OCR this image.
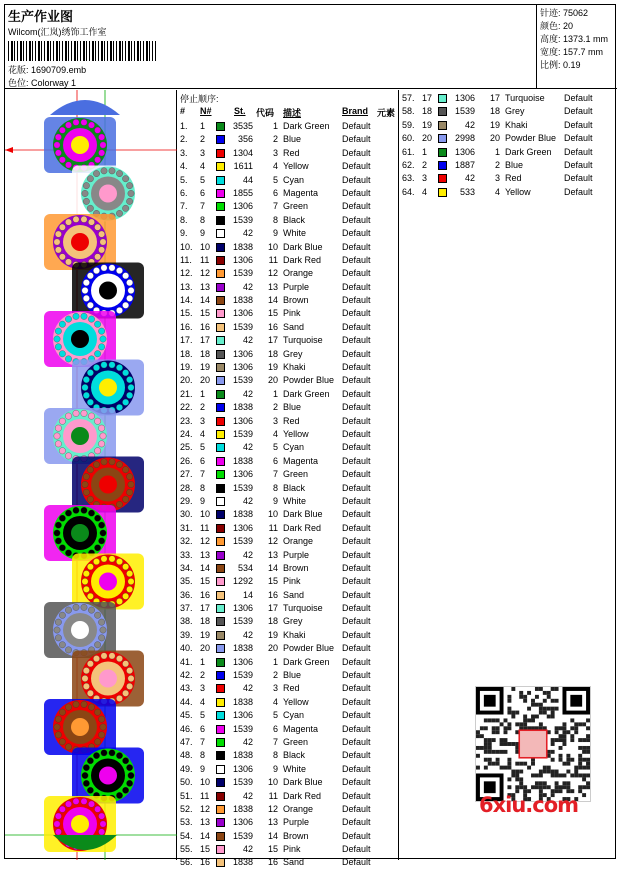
生产作业图
Wilcom(汇岚)绣饰工作室
花版: 1690709.emb
色位: Colorway 1
针迹: 75062
颜色: 20
高度: 1373.1 mm
宽度: 157.7 mm
比例: 0.19
停止顺序:
# N# St. 代码 描述	Brand 元素
1. 1	3535	1 Dark Green Default
2. 2	356	2 Blue	Default
3. 3	1304	3 Red	Default
4. 4	1611	4 Yellow	Default
5. 5	44	5 Cyan	Default
6. 6	1855	6 Magenta	Default
7. 7	1306	7 Green	Default
8. 8	1539	8 Black	Default
9. 9	42	9 White	Default
10. 10	1838	10 Dark Blue Default
11. 11	1306	11 Dark Red Default
12. 12	1539	12 Orange	Default
13. 13	42	13 Purple	Default
14. 14	1838	14 Brown	Default
15. 15	1306	15 Pink	Default
16. 16	1539	16 Sand	Default
17. 17	42	17 Turquoise Default
18. 18	1306	18 Grey	Default
19. 19	1306	19 Khaki	Default
20. 20	1539	20 Powder Blue Default
21. 1	42	1 Dark Green Default
22. 2	1838	2 Blue	Default
23. 3	1306	3 Red	Default
24. 4	1539	4 Yellow	Default
25. 5	42	5 Cyan	Default
26. 6	1838	6 Magenta	Default
27. 7	1306	7 Green	Default
28. 8	1539	8 Black	Default
29. 9	42	9 White	Default
30. 10	1838	10 Dark Blue Default
31. 11	1306	11 Dark Red Default
32. 12	1539	12 Orange	Default
33. 13	42	13 Purple	Default
34. 14	534	14 Brown	Default
35. 15	1292	15 Pink	Default
36. 16	14	16 Sand	Default
37. 17	1306	17 Turquoise Default
38. 18	1539	18 Grey	Default
39. 19	42	19 Khaki	Default
40. 20	1838	20 Powder Blue Default
41. 1	1306	1 Dark Green Default
42. 2	1539	2 Blue	Default
43. 3	42	3 Red	Default
44. 4	1838	4 Yellow	Default
45. 5	1306	5 Cyan	Default
46. 6	1539	6 Magenta	Default
47. 7	42	7 Green	Default
48. 8	1838	8 Black	Default
49. 9	1306	9 White	Default
50. 10	1539	10 Dark Blue Default
51. 11	42	11 Dark Red Default
52. 12	1838	12 Orange	Default
53. 13	1306	13 Purple	Default
54. 14	1539	14 Brown	Default
55. 15	42	15 Pink	Default
56. 16	1838	16 Sand	Default
57. 17	1306	17 Turquoise Default
58. 18	1539	18 Grey	Default
59. 19	42	19 Khaki	Default
60. 20	2998	20 Powder Blue Default
61. 1	1306	1 Dark Green Default
62. 2	1887	2 Blue	Default
63. 3	42	3 Red	Default
64. 4	533	4 Yellow	Default
6xiu.com
